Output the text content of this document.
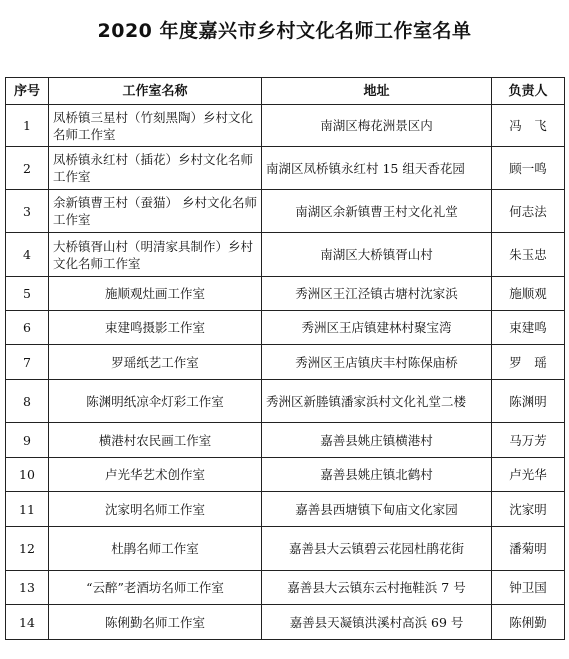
2020 年度嘉兴市乡村文化名师工作室名单
序号	工作室名称	地址	负责人
1	凤桥镇三星村（竹刻黑陶）乡村文化名师工作室	南湖区梅花洲景区内	冯　飞
2	凤桥镇永红村（插花）乡村文化名师工作室	南湖区凤桥镇永红村 15 组天香花园	顾一鸣
3	余新镇曹王村（蚕猫） 乡村文化名师工作室	南湖区余新镇曹王村文化礼堂	何志法
4	大桥镇胥山村（明清家具制作）乡村文化名师工作室	南湖区大桥镇胥山村	朱玉忠
5	施顺观灶画工作室	秀洲区王江泾镇古塘村沈家浜	施顺观
6	束建鸣摄影工作室	秀洲区王店镇建林村聚宝湾	束建鸣
7	罗瑶纸艺工作室	秀洲区王店镇庆丰村陈保庙桥	罗　瑶
8	陈渊明纸凉伞灯彩工作室	秀洲区新塍镇潘家浜村文化礼堂二楼	陈渊明
9	横港村农民画工作室	嘉善县姚庄镇横港村	马万芳
10	卢光华艺术创作室	嘉善县姚庄镇北鹤村	卢光华
11	沈家明名师工作室	嘉善县西塘镇下甸庙文化家园	沈家明
12	杜鹃名师工作室	嘉善县大云镇碧云花园杜鹃花街	潘菊明
13	“云醉”老酒坊名师工作室	嘉善县大云镇东云村拖鞋浜 7 号	钟卫国
14	陈俐勤名师工作室	嘉善县天凝镇洪溪村高浜 69 号	陈俐勤
